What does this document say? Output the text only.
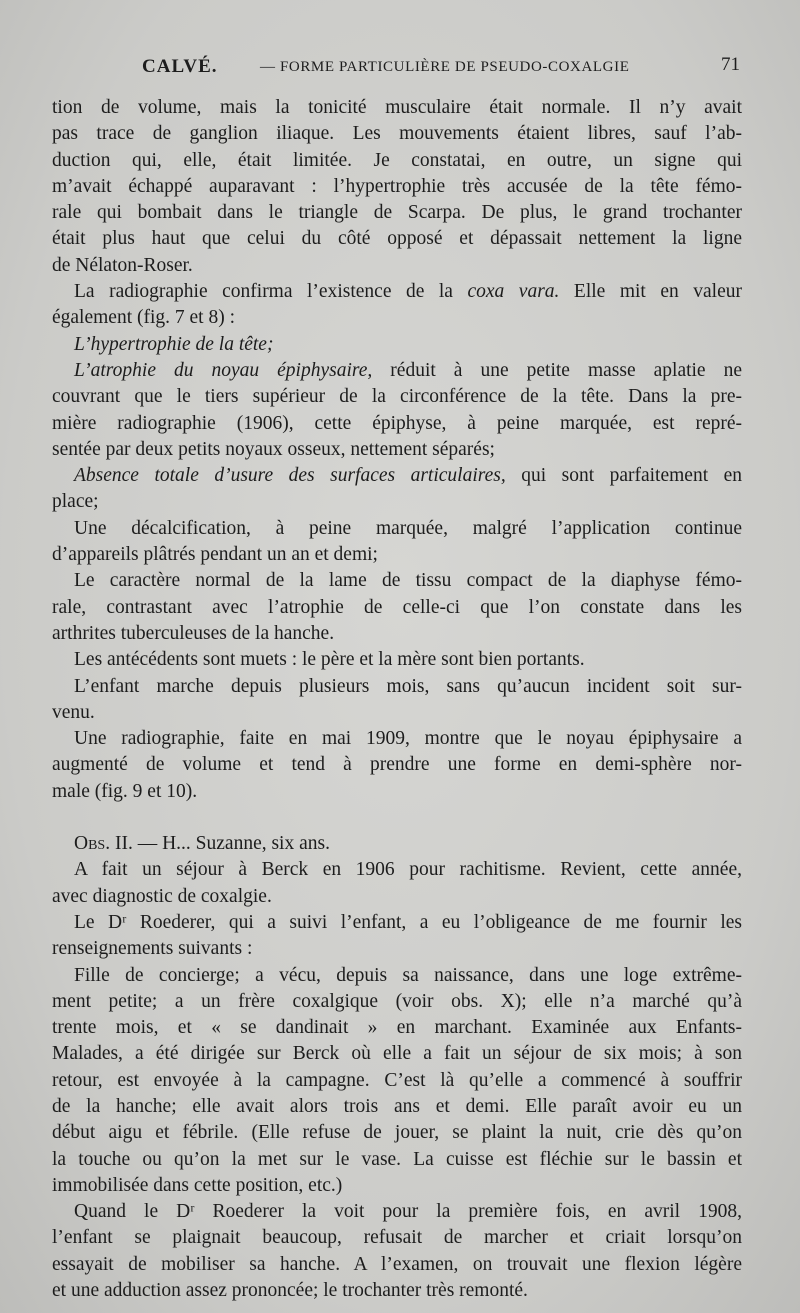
CALVÉ.	— FORME PARTICULIÈRE DE PSEUDO-COXALGIE	71
tion de volume, mais la tonicité musculaire était normale. Il n’y avait
pas trace de ganglion iliaque. Les mouvements étaient libres, sauf l’ab-
duction qui, elle, était limitée. Je constatai, en outre, un signe qui
m’avait échappé auparavant : l’hypertrophie très accusée de la tête fémo-
rale qui bombait dans le triangle de Scarpa. De plus, le grand trochanter
était plus haut que celui du côté opposé et dépassait nettement la ligne
de Nélaton-Roser.
La radiographie confirma l’existence de la coxa vara. Elle mit en valeur
également (fig. 7 et 8) :
L’hypertrophie de la tête;
L’atrophie du noyau épiphysaire, réduit à une petite masse aplatie ne
couvrant que le tiers supérieur de la circonférence de la tête. Dans la pre-
mière radiographie (1906), cette épiphyse, à peine marquée, est repré-
sentée par deux petits noyaux osseux, nettement séparés;
Absence totale d’usure des surfaces articulaires, qui sont parfaitement en
place;
Une décalcification, à peine marquée, malgré l’application continue
d’appareils plâtrés pendant un an et demi;
Le caractère normal de la lame de tissu compact de la diaphyse fémo-
rale, contrastant avec l’atrophie de celle-ci que l’on constate dans les
arthrites tuberculeuses de la hanche.
Les antécédents sont muets : le père et la mère sont bien portants.
L’enfant marche depuis plusieurs mois, sans qu’aucun incident soit sur-
venu.
Une radiographie, faite en mai 1909, montre que le noyau épiphysaire a
augmenté de volume et tend à prendre une forme en demi-sphère nor-
male (fig. 9 et 10).
Obs. II. — H... Suzanne, six ans.
A fait un séjour à Berck en 1906 pour rachitisme. Revient, cette année,
avec diagnostic de coxalgie.
Le Dʳ Roederer, qui a suivi l’enfant, a eu l’obligeance de me fournir les
renseignements suivants :
Fille de concierge; a vécu, depuis sa naissance, dans une loge extrême-
ment petite; a un frère coxalgique (voir obs. X); elle n’a marché qu’à
trente mois, et « se dandinait » en marchant. Examinée aux Enfants-
Malades, a été dirigée sur Berck où elle a fait un séjour de six mois; à son
retour, est envoyée à la campagne. C’est là qu’elle a commencé à souffrir
de la hanche; elle avait alors trois ans et demi. Elle paraît avoir eu un
début aigu et fébrile. (Elle refuse de jouer, se plaint la nuit, crie dès qu’on
la touche ou qu’on la met sur le vase. La cuisse est fléchie sur le bassin et
immobilisée dans cette position, etc.)
Quand le Dʳ Roederer la voit pour la première fois, en avril 1908,
l’enfant se plaignait beaucoup, refusait de marcher et criait lorsqu’on
essayait de mobiliser sa hanche. A l’examen, on trouvait une flexion légère
et une adduction assez prononcée; le trochanter très remonté.
